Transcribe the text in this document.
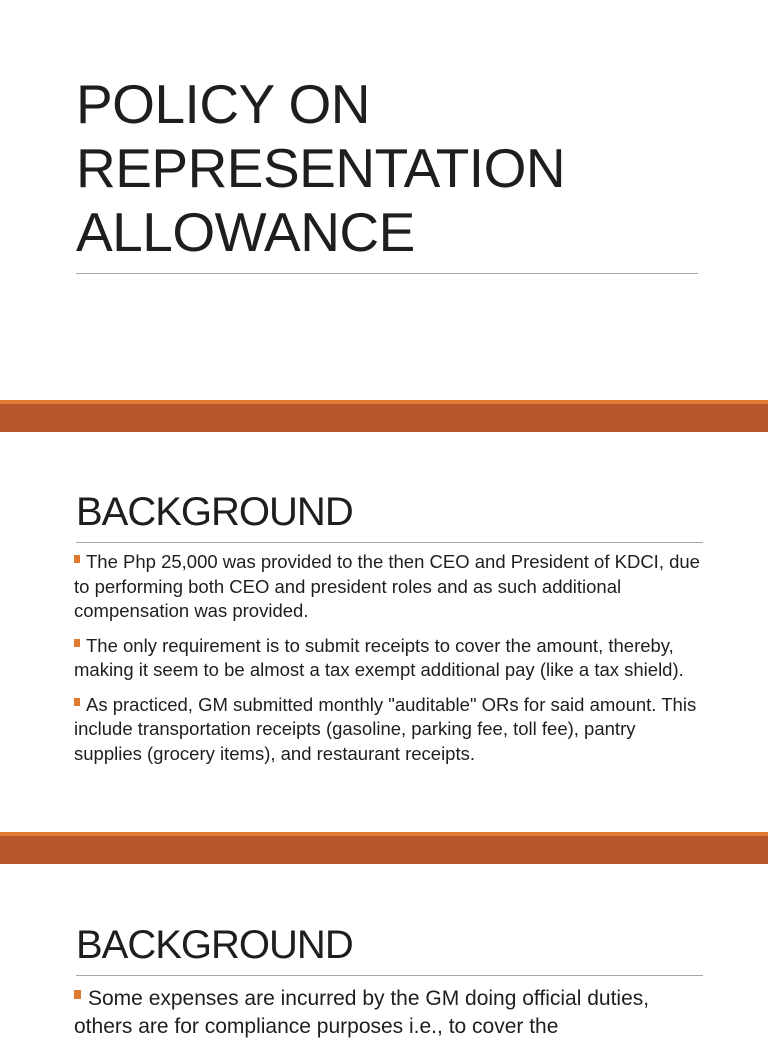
POLICY ON
REPRESENTATION
ALLOWANCE
BACKGROUND
The Php 25,000 was provided to the then CEO and President of KDCI, due to performing both CEO and president roles and as such additional compensation was provided.
The only requirement is to submit receipts to cover the amount, thereby, making it seem to be almost a tax exempt additional pay (like a tax shield).
As practiced, GM submitted monthly "auditable" ORs for said amount. This include transportation receipts (gasoline, parking fee, toll fee), pantry supplies (grocery items), and restaurant receipts.
BACKGROUND
Some expenses are incurred by the GM doing official duties, others are for compliance purposes i.e., to cover the
